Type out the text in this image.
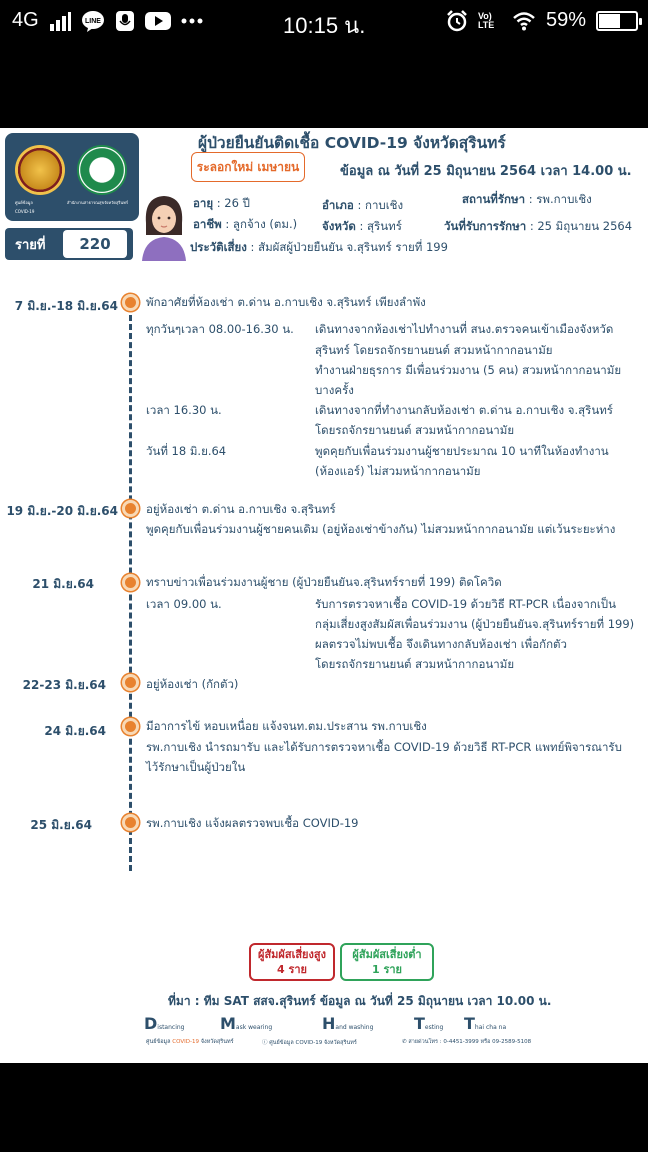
4G	LINE	10:15 น.	Vo) LTE	59%
ศูนย์ข้อมูล	สำนักงานสาธารณสุขจังหวัดสุรินทร์
COVID-19
รายที่	220
ผู้ป่วยยืนยันติดเชื้อ COVID-19 จังหวัดสุรินทร์
ระลอกใหม่ เมษายน	ข้อมูล ณ วันที่ 25 มิถุนายน 2564 เวลา 14.00 น.
อายุ : 26 ปี
อาชีพ : ลูกจ้าง (ตม.)
อำเภอ : กาบเชิง
จังหวัด : สุรินทร์
สถานที่รักษา : รพ.กาบเชิง
วันที่รับการรักษา : 25 มิถุนายน 2564
ประวัติเสี่ยง : สัมผัสผู้ป่วยยืนยัน จ.สุรินทร์ รายที่ 199
7 มิ.ย.-18 มิ.ย.64 พักอาศัยที่ห้องเช่า ต.ด่าน อ.กาบเชิง จ.สุรินทร์ เพียงลำพัง
ทุกวันๆเวลา 08.00-16.30 น. เดินทางจากห้องเช่าไปทำงานที่ สนง.ตรวจคนเข้าเมืองจังหวัด
สุรินทร์ โดยรถจักรยานยนต์ สวมหน้ากากอนามัย
ทำงานฝ่ายธุรการ มีเพื่อนร่วมงาน (5 คน) สวมหน้ากากอนามัย
บางครั้ง
เวลา 16.30 น.	เดินทางจากที่ทำงานกลับห้องเช่า ต.ด่าน อ.กาบเชิง จ.สุรินทร์
โดยรถจักรยานยนต์ สวมหน้ากากอนามัย
วันที่ 18 มิ.ย.64	พูดคุยกับเพื่อนร่วมงานผู้ชายประมาณ 10 นาทีในห้องทำงาน
(ห้องแอร์) ไม่สวมหน้ากากอนามัย
19 มิ.ย.-20 มิ.ย.64 อยู่ห้องเช่า ต.ด่าน อ.กาบเชิง จ.สุรินทร์
พูดคุยกับเพื่อนร่วมงานผู้ชายคนเดิม (อยู่ห้องเช่าข้างกัน) ไม่สวมหน้ากากอนามัย แต่เว้นระยะห่าง
21 มิ.ย.64	ทราบข่าวเพื่อนร่วมงานผู้ชาย (ผู้ป่วยยืนยันจ.สุรินทร์รายที่ 199) ติดโควิด
เวลา 09.00 น.	รับการตรวจหาเชื้อ COVID-19 ด้วยวิธี RT-PCR เนื่องจากเป็น
กลุ่มเสี่ยงสูงสัมผัสเพื่อนร่วมงาน (ผู้ป่วยยืนยันจ.สุรินทร์รายที่ 199)
ผลตรวจไม่พบเชื้อ จึงเดินทางกลับห้องเช่า เพื่อกักตัว
โดยรถจักรยานยนต์ สวมหน้ากากอนามัย
22-23 มิ.ย.64	อยู่ห้องเช่า (กักตัว)
24 มิ.ย.64	มีอาการไข้ หอบเหนื่อย แจ้งจนท.ตม.ประสาน รพ.กาบเชิง
รพ.กาบเชิง นำรถมารับ และได้รับการตรวจหาเชื้อ COVID-19 ด้วยวิธี RT-PCR แพทย์พิจารณารับ
ไว้รักษาเป็นผู้ป่วยใน
25 มิ.ย.64	รพ.กาบเชิง แจ้งผลตรวจพบเชื้อ COVID-19
ผู้สัมผัสเสี่ยงสูง
4 ราย
ผู้สัมผัสเสี่ยงต่ำ
1 ราย
ที่มา : ทีม SAT สสจ.สุรินทร์ ข้อมูล ณ วันที่ 25 มิถุนายน เวลา 10.00 น.
Distancing Mask wearing	Hand washing	Testing Thai cha na
ศูนย์ข้อมูล COVID-19 จังหวัดสุรินทร์	ⓘ ศูนย์ข้อมูล COVID-19 จังหวัดสุรินทร์	✆ สายด่วนโทร : 0-4451-3999 หรือ 09-2589-5108
